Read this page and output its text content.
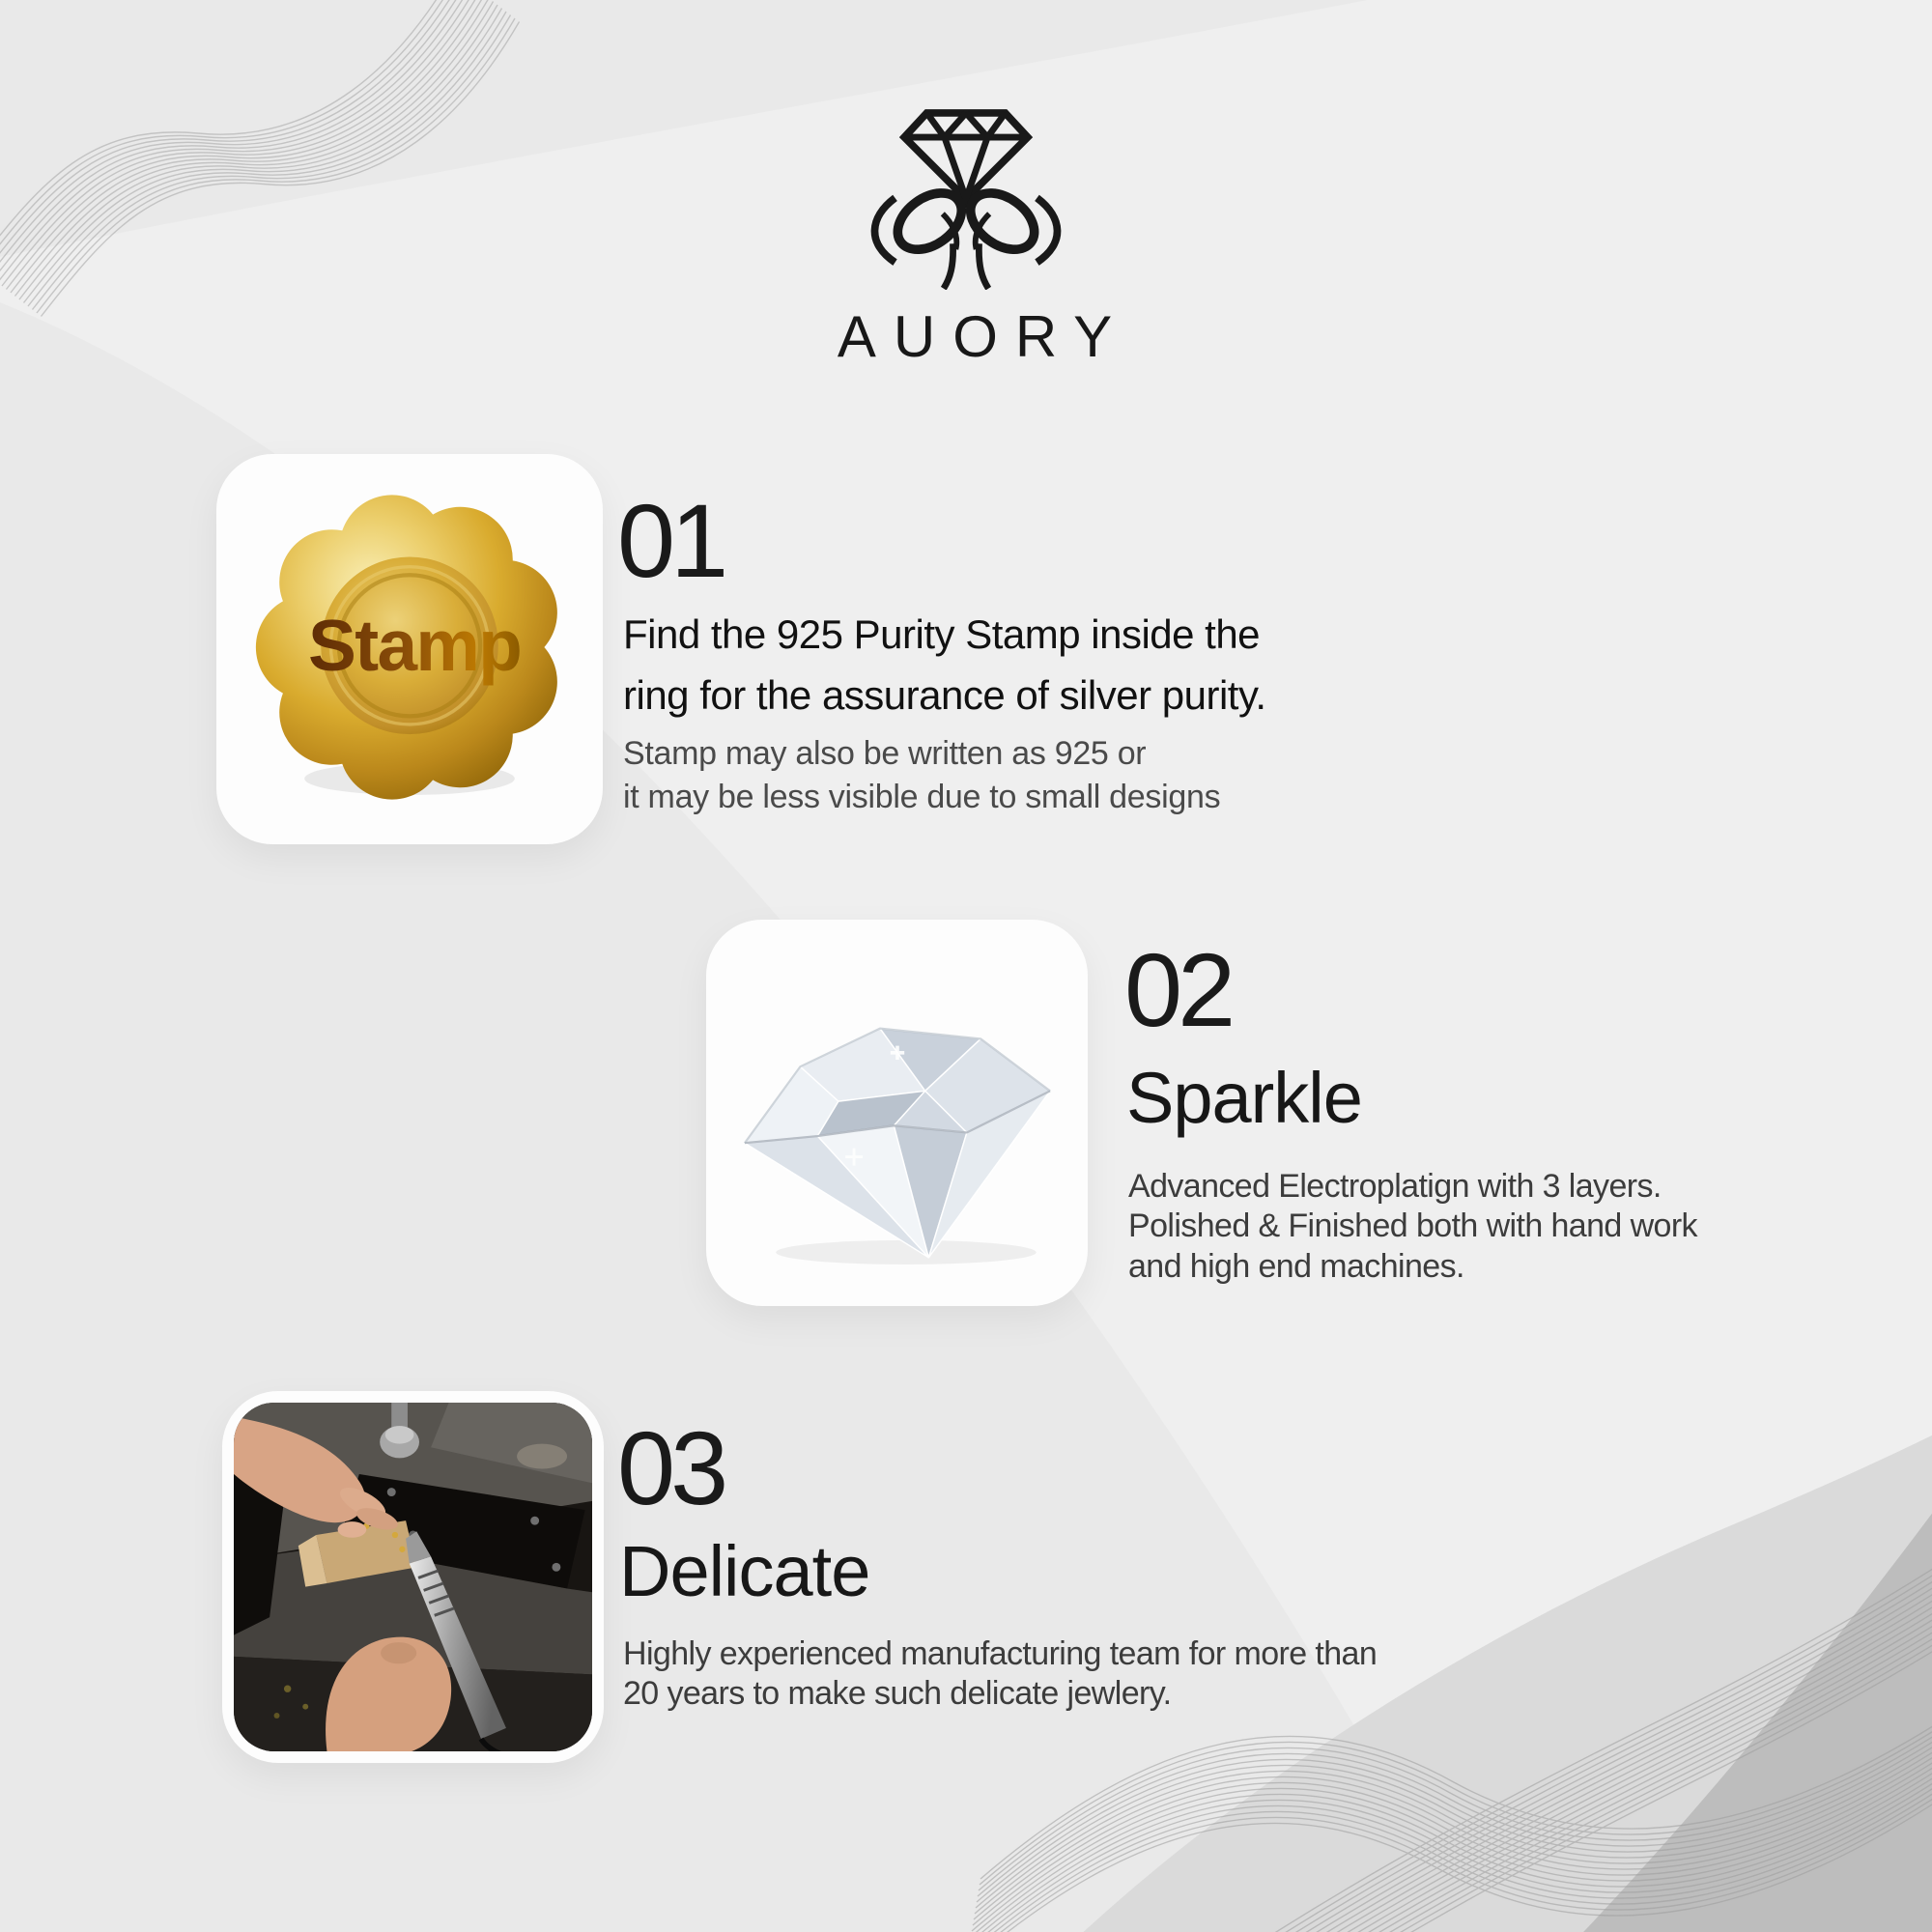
AUORY
Stamp
01
Find the 925 Purity Stamp inside the
ring for the assurance of silver purity.
Stamp may also be written as 925 or
it may be less visible due to small designs
02
Sparkle
Advanced Electroplatign with 3 layers.
Polished & Finished both with hand work
and high end machines.
03
Delicate
Highly experienced manufacturing team for more than
20 years to make such delicate jewlery.
